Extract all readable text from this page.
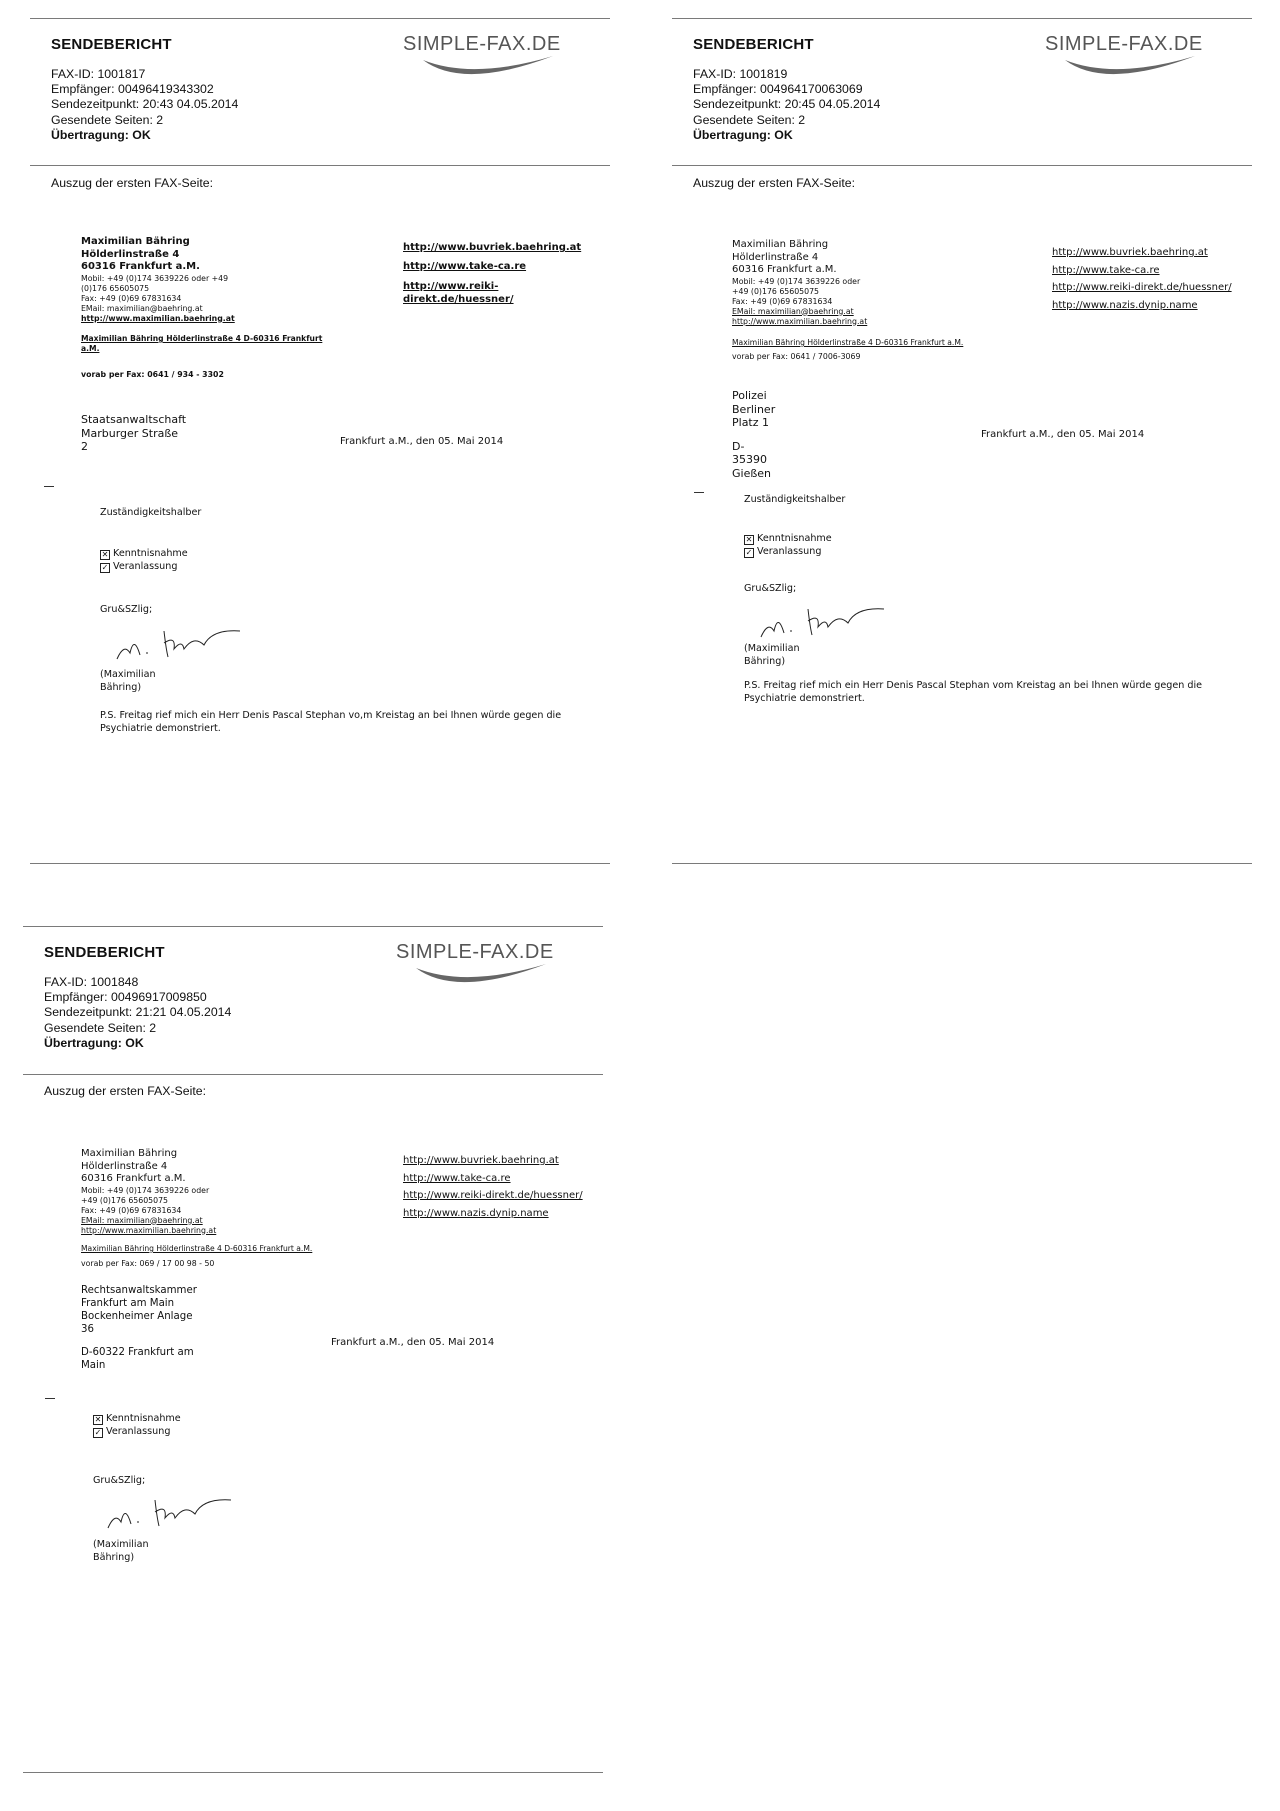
SENDEBERICHT	SIMPLE-FAX.DE
FAX-ID: 1001817
Empfänger: 00496419343302
Sendezeitpunkt: 20:43 04.05.2014
Gesendete Seiten: 2
Übertragung: OK
Auszug der ersten FAX-Seite:
Maximilian Bähring
Hölderlinstraße 4
60316 Frankfurt a.M.
Mobil: +49 (0)174 3639226 oder +49 (0)176 65605075
Fax: +49 (0)69 67831634
EMail: maximilian@baehring.at
http://www.maximilian.baehring.at
http://www.buvriek.baehring.at
http://www.take-ca.re
http://www.reiki-direkt.de/huessner/
Maximilian Bähring Hölderlinstraße 4 D-60316 Frankfurt a.M.
vorab per Fax: 0641 / 934 - 3302
Staatsanwaltschaft
Marburger Straße 2	Frankfurt a.M., den 05. Mai 2014
Zuständigkeitshalber
✕ Kenntnisnahme
✓ Veranlassung
Gru&SZlig;
(Maximilian Bähring)
P.S. Freitag rief mich ein Herr Denis Pascal Stephan vo,m Kreistag an bei Ihnen würde gegen die Psychiatrie demonstriert.
SENDEBERICHT	SIMPLE-FAX.DE
FAX-ID: 1001819
Empfänger: 004964170063069
Sendezeitpunkt: 20:45 04.05.2014
Gesendete Seiten: 2
Übertragung: OK
Auszug der ersten FAX-Seite:
Maximilian Bähring
Hölderlinstraße 4
60316 Frankfurt a.M.
Mobil: +49 (0)174 3639226 oder +49 (0)176 65605075
Fax: +49 (0)69 67831634
EMail: maximilian@baehring.at
http://www.maximilian.baehring.at
http://www.buvriek.baehring.at
http://www.take-ca.re
http://www.reiki-direkt.de/huessner/
http://www.nazis.dynip.name
Maximilian Bähring Hölderlinstraße 4 D-60316 Frankfurt a.M.
vorab per Fax: 0641 / 7006-3069
Polizei
Berliner Platz 1
D-35390 Gießen
Frankfurt a.M., den 05. Mai 2014
Zuständigkeitshalber
✕ Kenntnisnahme
✓ Veranlassung
Gru&SZlig;
(Maximilian Bähring)
P.S. Freitag rief mich ein Herr Denis Pascal Stephan vom Kreistag an bei Ihnen würde gegen die Psychiatrie demonstriert.
SENDEBERICHT	SIMPLE-FAX.DE
FAX-ID: 1001848
Empfänger: 00496917009850
Sendezeitpunkt: 21:21 04.05.2014
Gesendete Seiten: 2
Übertragung: OK
Auszug der ersten FAX-Seite:
Maximilian Bähring
Hölderlinstraße 4
60316 Frankfurt a.M.
Mobil: +49 (0)174 3639226 oder +49 (0)176 65605075
Fax: +49 (0)69 67831634
EMail: maximilian@baehring.at
http://www.maximilian.baehring.at
http://www.buvriek.baehring.at
http://www.take-ca.re
http://www.reiki-direkt.de/huessner/
http://www.nazis.dynip.name
Maximilian Bähring Hölderlinstraße 4 D-60316 Frankfurt a.M.
vorab per Fax: 069 / 17 00 98 - 50
Rechtsanwaltskammer
Frankfurt am Main
Bockenheimer Anlage 36
D-60322 Frankfurt am Main
Frankfurt a.M., den 05. Mai 2014
✕ Kenntnisnahme
✓ Veranlassung
Gru&SZlig;
(Maximilian Bähring)
